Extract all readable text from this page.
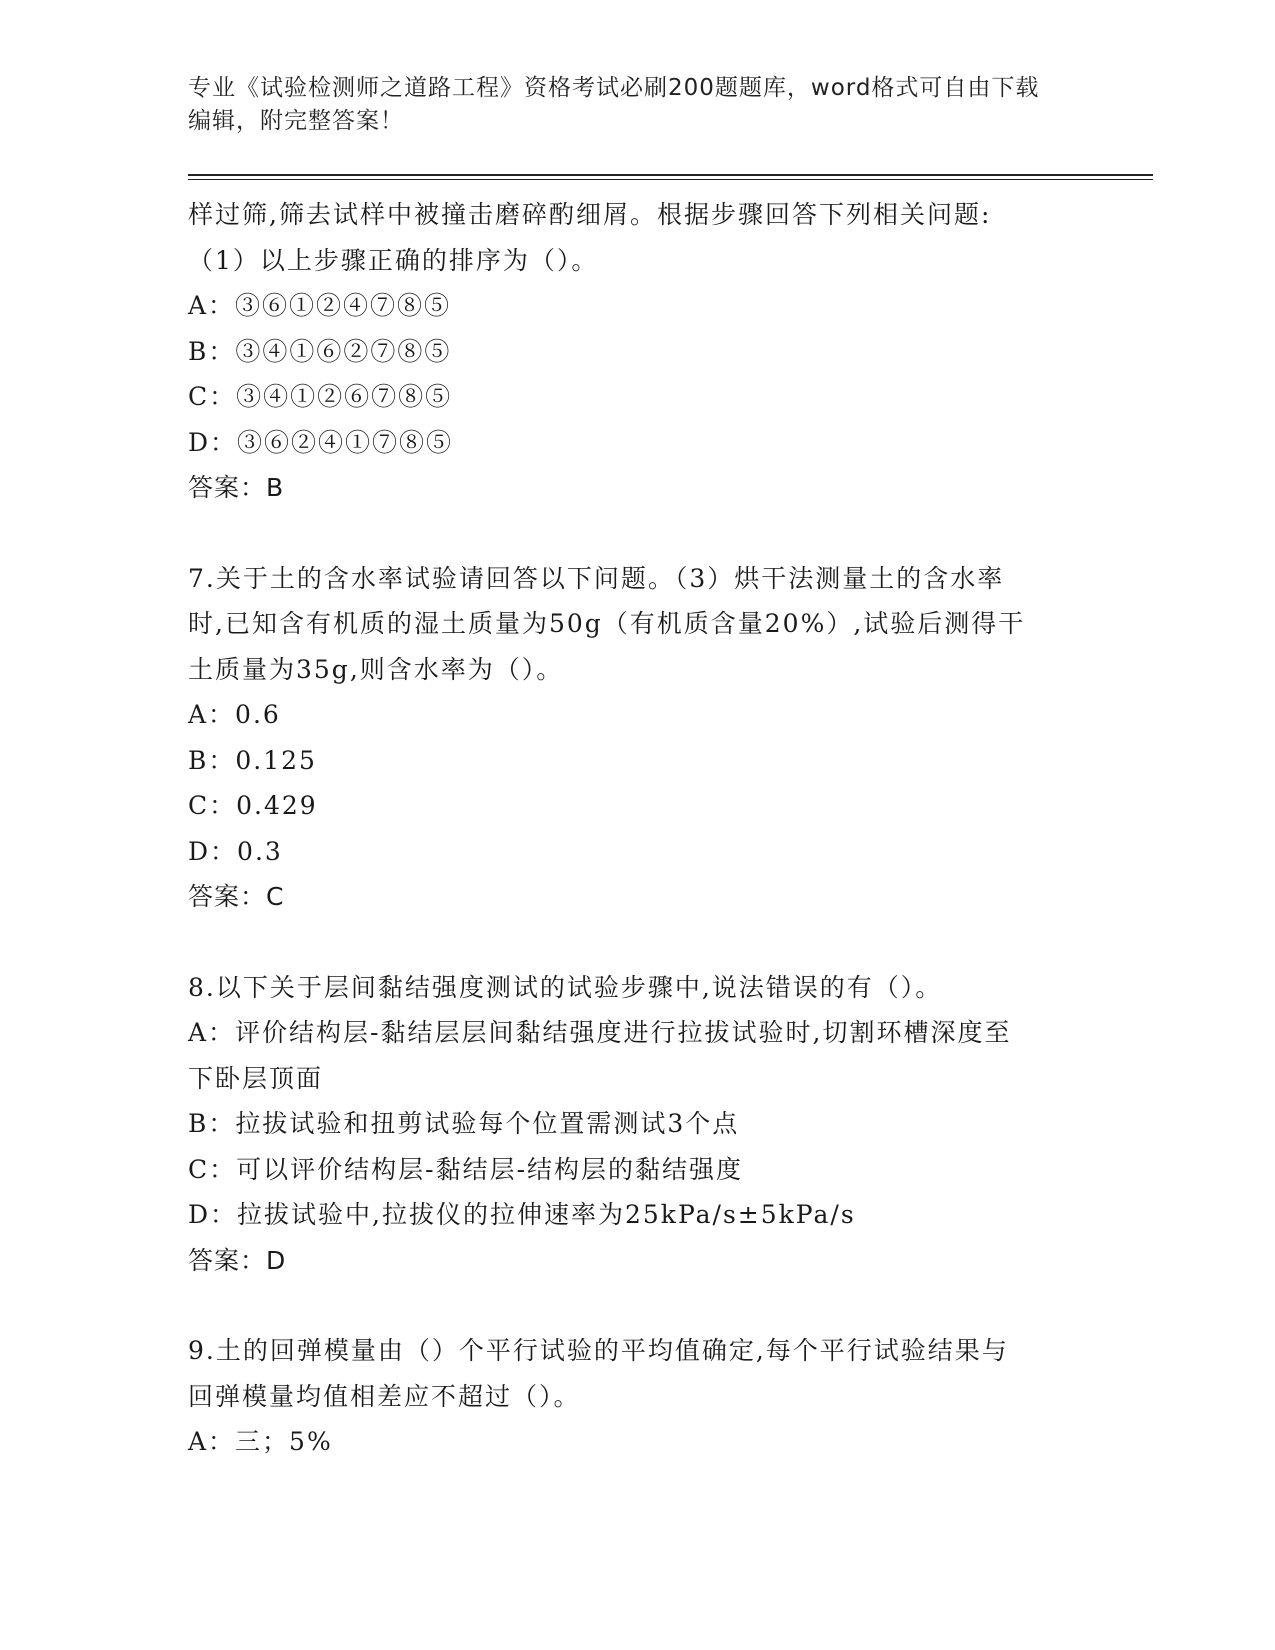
专业《试验检测师之道路工程》资格考试必刷200题题库，word格式可自由下载
编辑，附完整答案！
样过筛,筛去试样中被撞击磨碎酌细屑。根据步骤回答下列相关问题:
（1）以上步骤正确的排序为（）。
A：③⑥①②④⑦⑧⑤
B：③④①⑥②⑦⑧⑤
C：③④①②⑥⑦⑧⑤
D：③⑥②④①⑦⑧⑤
答案：B
7.关于土的含水率试验请回答以下问题。（3）烘干法测量土的含水率
时,已知含有机质的湿土质量为50g（有机质含量20%）,试验后测得干
土质量为35g,则含水率为（）。
A：0.6
B：0.125
C：0.429
D：0.3
答案：C
8.以下关于层间黏结强度测试的试验步骤中,说法错误的有（）。
A：评价结构层-黏结层层间黏结强度进行拉拔试验时,切割环槽深度至
下卧层顶面
B：拉拔试验和扭剪试验每个位置需测试3个点
C：可以评价结构层-黏结层-结构层的黏结强度
D：拉拔试验中,拉拔仪的拉伸速率为25kPa/s±5kPa/s
答案：D
9.土的回弹模量由（）个平行试验的平均值确定,每个平行试验结果与
回弹模量均值相差应不超过（）。
A：三；5%
